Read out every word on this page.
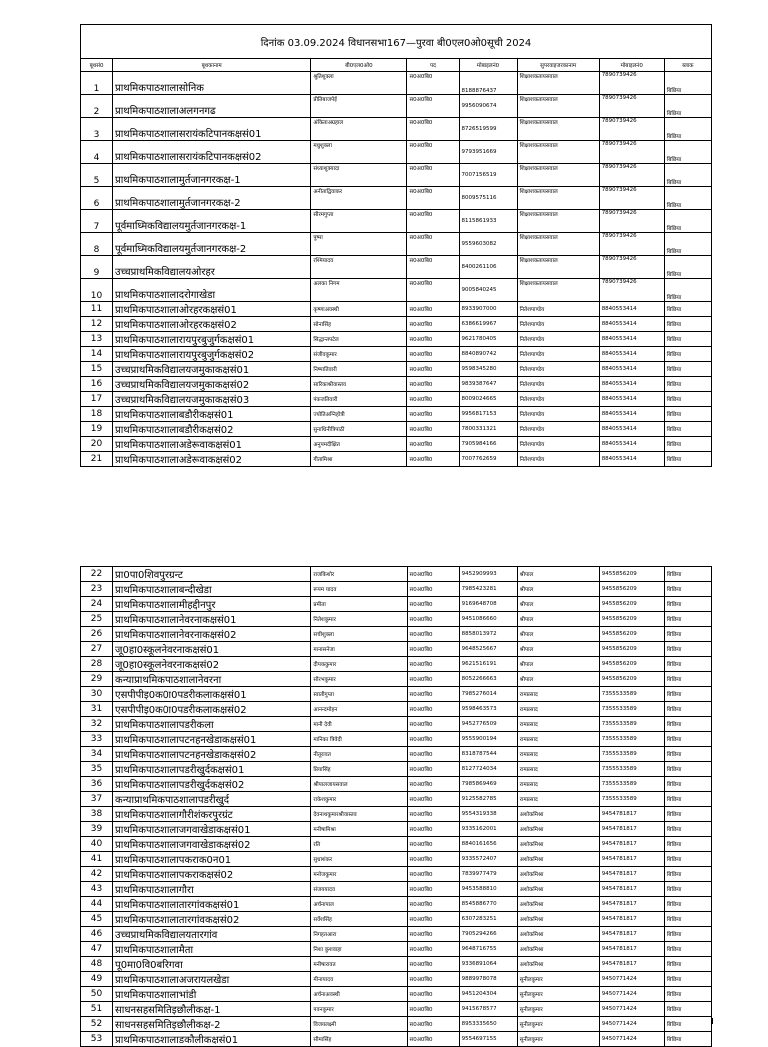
दिनांक 03.09.2024 विधानसभा167—पुरवा बी0एल0ओ0सूची 2024							
बूथसं0	बूथकानाम	बी0एल0ओ0	पद	मोबाइलनं0	सुपरवाइजरकानाम	मोबाइलनं0	ब्लाक
1	प्राथमिकपाठशालासोनिक	श्रुतिशुक्ला	स0अ0बि0	8188876437	शिक्षाशकतायसवाल	7890739426	बिछिया
2	प्राथमिकपाठशालाअलगनगढ	प्रीतिबाजपेई	स0अ0बि0	9956090674	शिक्षाशकतायसवाल	7890739426	बिछिया
3	प्राथमिकपाठशालासरायंकटिपानकक्षसं01	अंकिताअग्रहाल	स0अ0बि0	8726519599	शिक्षाशकतायसवाल	7890739426	बिछिया
4	प्राथमिकपाठशालासरायंकटिपानकक्षसं02	मधुशुक्ला	स0अ0बि0	9793951669	शिक्षाशकतायसवाल	7890739426	बिछिया
5	प्राथमिकपाठशालामुर्तजानगरकक्ष-1	संध्याशुक्यादा	स0अ0बि0	7007156519	शिक्षाशकतायसवाल	7890739426	बिछिया
6	प्राथमिकपाठशालामुर्तजानगरकक्ष-2	अनीताद्विवाकर	स0अ0बि0	8009575116	शिक्षाशकतायसवाल	7890739426	बिछिया
7	पूर्वमाध्मिकविद्यालयमुर्तजानगरकक्ष-1	सीरमगुप्ता	स0अ0बि0	8115861933	शिक्षाशकतायसवाल	7890739426	बिछिया
8	पूर्वमाध्मिकविद्यालयमुर्तजानगरकक्ष-2	पुष्पा	स0अ0बि0	9559603082	शिक्षाशकतायसवाल	7890739426	बिछिया
9	उच्चप्राथमिकविद्यालयओरहर	रश्मियादव	स0अ0बि0	8400261106	शिक्षाशकतायसवाल	7890739426	बिछिया
10	प्राथमिकपाठशालादरोगाखेडा	अलका निगम	स0अ0बि0	9005840245	शिक्षाशकतायसवाल	7890739426	बिछिया
11	प्राथमिकपाठशालाओरहरकक्षसं01	कृष्णाअवस्थी	स0अ0बि0	8933907000	नितेशपाण्डेय	8840553414	बिछिया
12	प्राथमिकपाठशालाओरहरकक्षसं02	सोनासिंह	स0अ0बि0	6386619967	नितेशपाण्डेय	8840553414	बिछिया
13	प्राथमिकपाठशालारायपुरबुजुर्गकक्षसं01	सिद्धान्तपटेल	स0अ0बि0	9621780405	नितेशपाण्डेय	8840553414	बिछिया
14	प्राथमिकपाठशालारायपुरबुजुर्गकक्षसं02	संजीवकुमार	स0अ0बि0	8840890742	नितेशपाण्डेय	8840553414	बिछिया
15	उच्चप्राथमिकविद्यालयजमुकाकक्षसं01	निष्पातिवारी	स0अ0बि0	9598345280	नितेशपाण्डेय	8840553414	बिछिया
16	उच्चप्राथमिकविद्यालयजमुकाकक्षसं02	सारिकाश्रीवास्तव	स0अ0बि0	9839387647	नितेशपाण्डेय	8840553414	बिछिया
17	उच्चप्राथमिकविद्यालयजमुकाकक्षसं03	पंकजतिवारी	स0अ0बि0	8009024665	नितेशपाण्डेय	8840553414	बिछिया
18	प्राथमिकपाठशालाबडौरीकक्षसं01	ज्योतिअग्निहोत्री	स0अ0बि0	9956817153	नितेशपाण्डेय	8840553414	बिछिया
19	प्राथमिकपाठशालाबडौरीकक्षसं02	सुनाधिनीत्रिपाठी	स0अ0बि0	7800331321	नितेशपाण्डेय	8840553414	बिछिया
20	प्राथमिकपाठशालाअडेरूवाकक्षसं01	अनुपमदीक्षित	स0अ0बि0	7905984166	नितेशपाण्डेय	8840553414	बिछिया
21	प्राथमिकपाठशालाअडेरूवाकक्षसं02	गीतामिश्रा	स0अ0बि0	7007762659	नितेशपाण्डेय	8840553414	बिछिया
22	प्रा0पा0शिवपुरग्रन्ट	राजकिशोर	स0अ0बि0	9452909993	श्रीपाल	9455856209	बिछिया
23	प्राथमिकपाठशालाबन्दीखेडा	रूपम यादव	स0अ0बि0	7985423281	श्रीपाल	9455856209	बिछिया
24	प्राथमिकपाठशालामीहद्दीनपुर	प्रमीता	स0अ0बि0	9169648708	श्रीपाल	9455856209	बिछिया
25	प्राथमिकपाठशालानेवरनाकक्षसं01	नितेशकुमार	स0अ0बि0	9451086660	श्रीपाल	9455856209	बिछिया
26	प्राथमिकपाठशालानेवरनाकक्षसं02	सचीशुक्ला	स0अ0बि0	8858013972	श्रीपाल	9455856209	बिछिया
27	जू0हा0स्कूलनेवरनाकक्षसं01	मानासनेजा	स0अ0बि0	9648525667	श्रीपाल	9455856209	बिछिया
28	जू0हा0स्कूलनेवरनाकक्षसं02	दीपककुमार	स0अ0बि0	9621516191	श्रीपाल	9455856209	बिछिया
29	कन्याप्राथमिकपाठशालानेवरना	सौरभकुमार	स0अ0बि0	8052266663	श्रीपाल	9455856209	बिछिया
30	एसपीपीइ0क0ा0पडरीकलाकक्षसं01	स्वातीगुप्ता	स0अ0बि0	7985276014	रामप्रसाद	7355533589	बिछिया
31	एसपीपीइ0क0ा0पडरीकलाकक्षसं02	आनन्दमोहन	स0अ0बि0	9598463573	रामप्रसाद	7355533589	बिछिया
32	प्राथमिकपाठशालापडरीकला	मानी देवी	स0अ0बि0	9452776509	रामप्रसाद	7355533589	बिछिया
33	प्राथमिकपाठशालापटनहनखेडाकक्षसं01	मानिका त्रिवेदी	स0अ0बि0	9555900194	रामप्रसाद	7355533589	बिछिया
34	प्राथमिकपाठशालापटनहनखेडाकक्षसं02	नीतूरावत	स0अ0बि0	8318787544	रामप्रसाद	7355533589	बिछिया
35	प्राथमिकपाठशालापडरीखुर्दकक्षसं01	प्रियासिंह	स0अ0बि0	8127724034	रामप्रसाद	7355533589	बिछिया
36	प्राथमिकपाठशालापडरीखुर्दकक्षसं02	श्रीपालजायसवाल	स0अ0बि0	7985869469	रामप्रसाद	7355533589	बिछिया
37	कन्याप्राथमिकपाठशालापडरीखुर्द	राकेशकुमार	स0अ0बि0	9125582785	रामप्रसाद	7355533589	बिछिया
38	प्राथमिकपाठशालागौरीशंकरपुरग्रंट	देवनाथकुमारश्रीवास्तव	स0अ0बि0	9554319338	अशोकमिश्रा	9454781817	बिछिया
39	प्राथमिकपाठशालाजगवाखेडाकक्षसं01	मनीषामिश्रा	स0अ0बि0	9335162001	अशोकमिश्रा	9454781817	बिछिया
40	प्राथमिकपाठशालाजगवाखेडाकक्षसं02	रति	स0अ0बि0	8840161656	अशोकमिश्रा	9454781817	बिछिया
41	प्राथमिकपाठशालापकराक0न01	सुधाशंकर	स0अ0बि0	9335572407	अशोकमिश्रा	9454781817	बिछिया
42	प्राथमिकपाठशालापकराकक्षसं02	मनोजकुमार	स0अ0बि0	7839977479	अशोकमिश्रा	9454781817	बिछिया
43	प्राथमिकपाठशालागौरा	संजययादव	स0अ0बि0	9453588810	अशोकमिश्रा	9454781817	बिछिया
44	प्राथमिकपाठशालातारगांवकक्षसं01	अर्चनापाल	स0अ0बि0	8545886770	अशोकमिश्रा	9454781817	बिछिया
45	प्राथमिकपाठशालातारगांवकक्षसं02	सर्वेशसिंह	स0अ0बि0	6307283251	अशोकमिश्रा	9454781817	बिछिया
46	उच्चप्राथमिकविद्यालयतारगांव	निगहतआरा	स0अ0बि0	7905294266	अशोकमिश्रा	9454781817	बिछिया
47	प्राथमिकपाठशालामैता	निशा कुशवाहा	स0अ0बि0	9648716755	अशोकमिश्रा	9454781817	बिछिया
48	पू0मा0वि0बरिगवा	मनीषारावत	स0अ0बि0	9336891064	अशोकमिश्रा	9454781817	बिछिया
49	प्राथमिकपाठशालाअजरायलखेडा	मीनायादव	स0अ0बि0	9889978078	सुनीलकुमार	9450771424	बिछिया
50	प्राथमिकपाठशालाभांडी	अर्चनाअवस्थी	स0अ0बि0	9451204304	सुनीलकुमार	9450771424	बिछिया
51	साधनसहसमितिइछौलीकक्ष-1	पवनकुमार	स0अ0बि0	9415678577	सुनीलकुमार	9450771424	बिछिया
52	साधनसहसमितिइछौलीकक्ष-2	विजयलक्ष्मी	स0अ0बि0	8953335650	सुनीलकुमार	9450771424	बिछिया
53	प्राथमिकपाठशालाडकौलीकक्षसं01	सीमासिंह	स0अ0बि0	9554697155	सुनीलकुमार	9450771424	बिछिया
